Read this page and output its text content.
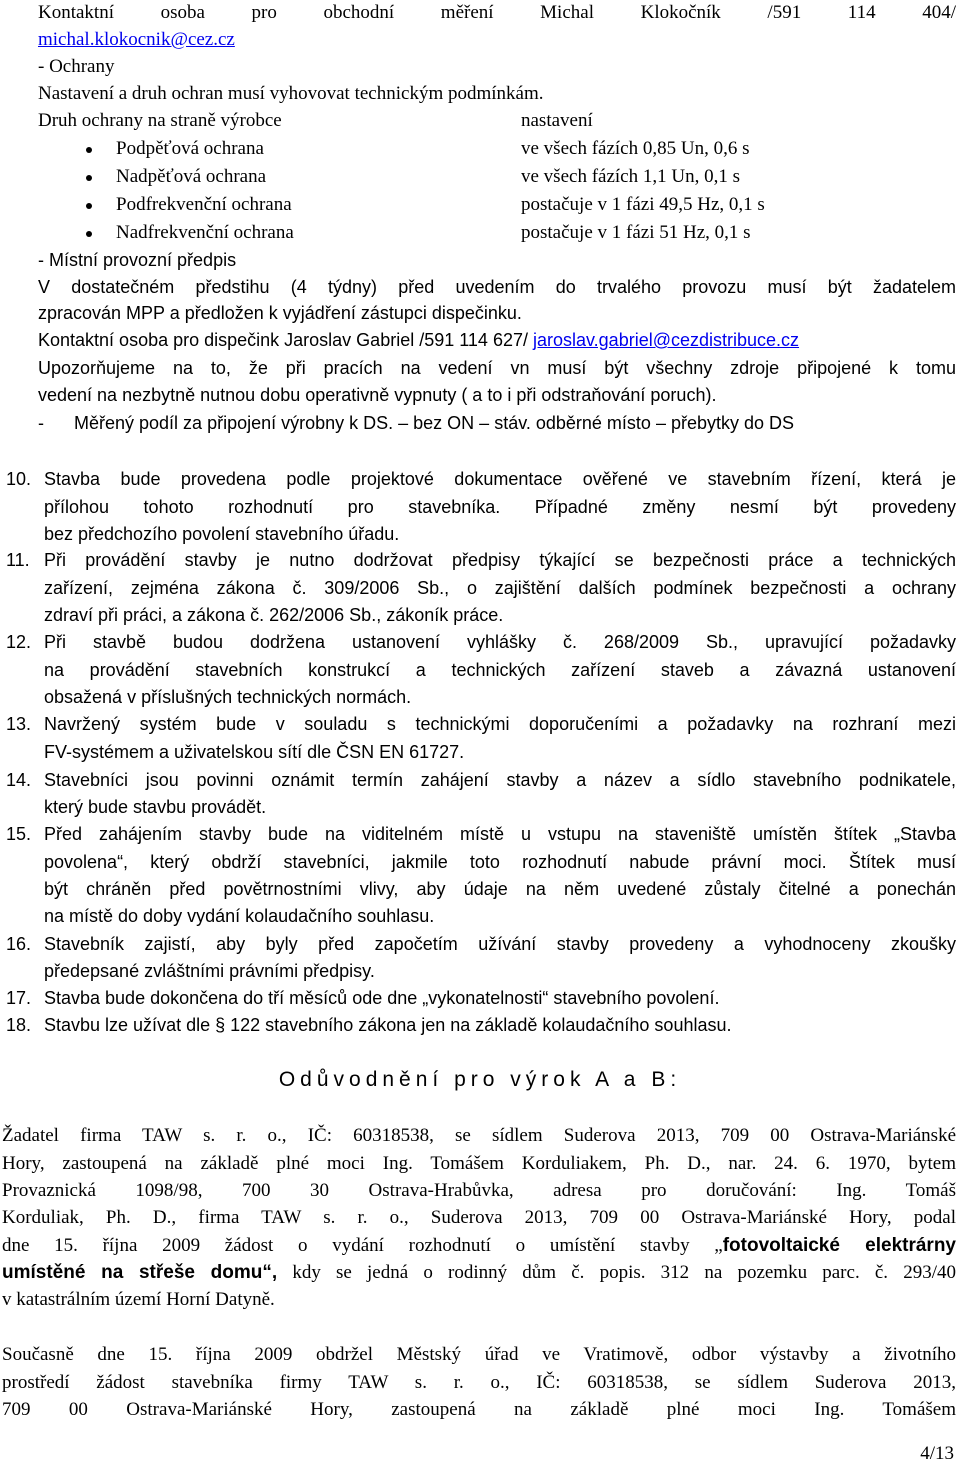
Kontaktní osoba pro obchodní měření Michal Klokočník /591 114 404/
michal.klokocnik@cez.cz
- Ochrany
Nastavení a druh ochran musí vyhovovat technickým podmínkám.
Druh ochrany na straně výrobce	nastavení
Podpěťová ochrana	ve všech fázích 0,85 Un, 0,6 s
Nadpěťová ochrana	ve všech fázích 1,1 Un, 0,1 s
Podfrekvenční ochrana	postačuje v 1 fázi 49,5 Hz, 0,1 s
Nadfrekvenční ochrana	postačuje v 1 fázi 51 Hz, 0,1 s
- Místní provozní předpis
V dostatečném předstihu (4 týdny) před uvedením do trvalého provozu musí být žadatelem
zpracován MPP a předložen k vyjádření zástupci dispečinku.
Kontaktní osoba pro dispečink Jaroslav Gabriel /591 114 627/ jaroslav.gabriel@cezdistribuce.cz
Upozorňujeme na to, že při pracích na vedení vn musí být všechny zdroje připojené k tomu
vedení na nezbytně nutnou dobu operativně vypnuty ( a to i při odstraňování poruch).
- Měřený podíl za připojení výrobny k DS. – bez ON – stáv. odběrné místo – přebytky do DS
10. Stavba bude provedena podle projektové dokumentace ověřené ve stavebním řízení, která je
přílohou tohoto rozhodnutí pro stavebníka. Případné změny nesmí být provedeny
bez předchozího povolení stavebního úřadu.
11. Při provádění stavby je nutno dodržovat předpisy týkající se bezpečnosti práce a technických
zařízení, zejména zákona č. 309/2006 Sb., o zajištění dalších podmínek bezpečnosti a ochrany
zdraví při práci, a zákona č. 262/2006 Sb., zákoník práce.
12. Při stavbě budou dodržena ustanovení vyhlášky č. 268/2009 Sb., upravující požadavky
na provádění stavebních konstrukcí a technických zařízení staveb a závazná ustanovení
obsažená v příslušných technických normách.
13. Navržený systém bude v souladu s technickými doporučeními a požadavky na rozhraní mezi
FV-systémem a uživatelskou sítí dle ČSN EN 61727.
14. Stavebníci jsou povinni oznámit termín zahájení stavby a název a sídlo stavebního podnikatele,
který bude stavbu provádět.
15. Před zahájením stavby bude na viditelném místě u vstupu na staveniště umístěn štítek „Stavba
povolena“, který obdrží stavebníci, jakmile toto rozhodnutí nabude právní moci. Štítek musí
být chráněn před povětrnostními vlivy, aby údaje na něm uvedené zůstaly čitelné a ponechán
na místě do doby vydání kolaudačního souhlasu.
16. Stavebník zajistí, aby byly před započetím užívání stavby provedeny a vyhodnoceny zkoušky
předepsané zvláštními právními předpisy.
17. Stavba bude dokončena do tří měsíců ode dne „vykonatelnosti“ stavebního povolení.
18. Stavbu lze užívat dle § 122 stavebního zákona jen na základě kolaudačního souhlasu.
Odůvodnění pro výrok A a B:
Žadatel firma TAW s. r. o., IČ: 60318538, se sídlem Suderova 2013, 709 00 Ostrava-Mariánské
Hory, zastoupená na základě plné moci Ing. Tomášem Korduliakem, Ph. D., nar. 24. 6. 1970, bytem
Provaznická 1098/98, 700 30 Ostrava-Hrabůvka, adresa pro doručování: Ing. Tomáš
Korduliak, Ph. D., firma TAW s. r. o., Suderova 2013, 709 00 Ostrava-Mariánské Hory, podal
dne 15. října 2009 žádost o vydání rozhodnutí o umístění stavby „fotovoltaické elektrárny
umístěné na střeše domu“, kdy se jedná o rodinný dům č. popis. 312 na pozemku parc. č. 293/40
v katastrálním území Horní Datyně.
Současně dne 15. října 2009 obdržel Městský úřad ve Vratimově, odbor výstavby a životního
prostředí žádost stavebníka firmy TAW s. r. o., IČ: 60318538, se sídlem Suderova 2013,
709 00 Ostrava-Mariánské Hory, zastoupená na základě plné moci Ing. Tomášem
4/13
